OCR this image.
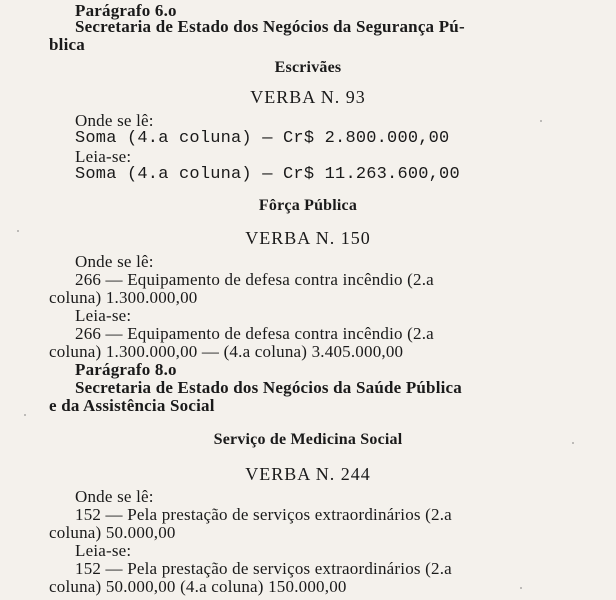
Parágrafo 6.o
Secretaria de Estado dos Negócios da Segurança Pú-
blica
Escrivães
VERBA N. 93
Onde se lê:
Soma (4.a coluna) — Cr$ 2.800.000,00
Leia-se:
Soma (4.a coluna) — Cr$ 11.263.600,00
Fôrça Pública
VERBA N. 150
Onde se lê:
266 — Equipamento de defesa contra incêndio (2.a
coluna) 1.300.000,00
Leia-se:
266 — Equipamento de defesa contra incêndio (2.a
coluna) 1.300.000,00 — (4.a coluna) 3.405.000,00
Parágrafo 8.o
Secretaria de Estado dos Negócios da Saúde Pública
e da Assistência Social
Serviço de Medicina Social
VERBA N. 244
Onde se lê:
152 — Pela prestação de serviços extraordinários (2.a
coluna) 50.000,00
Leia-se:
152 — Pela prestação de serviços extraordinários (2.a
coluna) 50.000,00 (4.a coluna) 150.000,00
